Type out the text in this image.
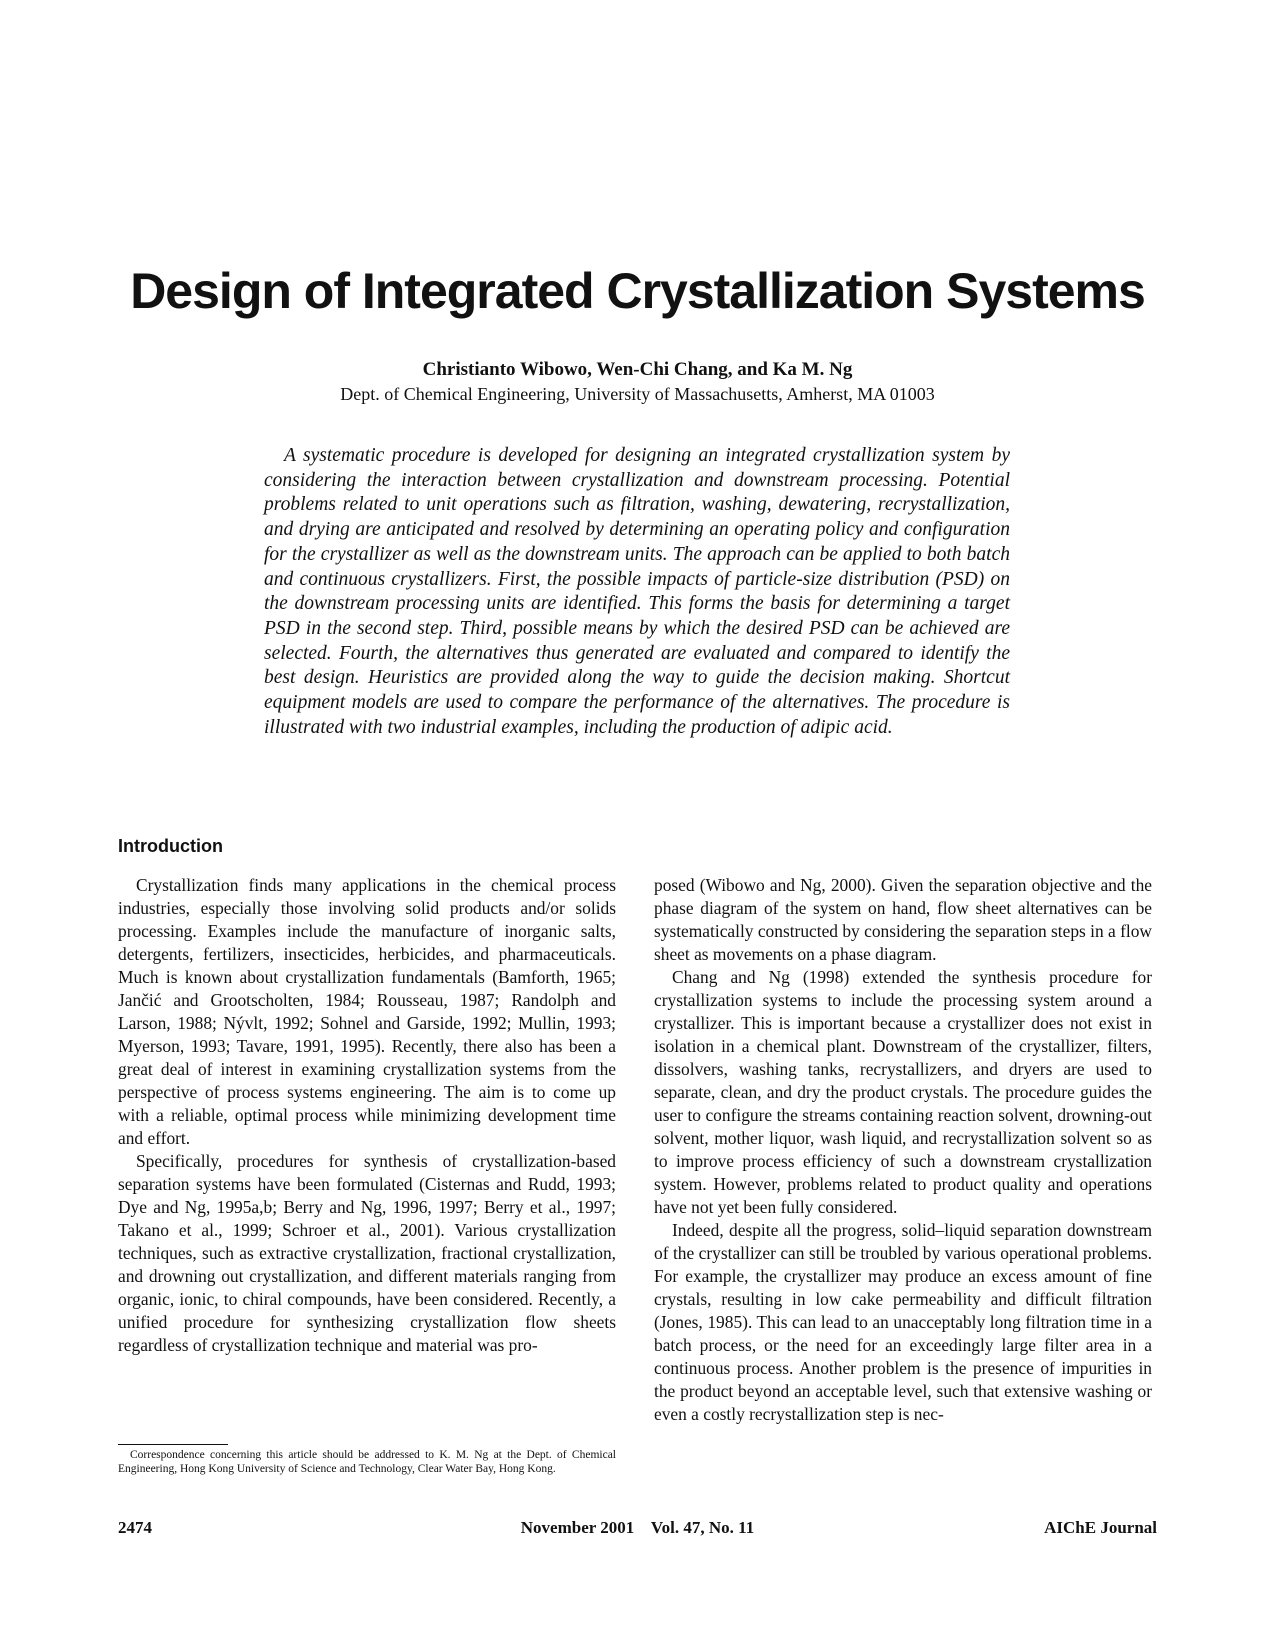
Design of Integrated Crystallization Systems
Christianto Wibowo, Wen-Chi Chang, and Ka M. Ng
Dept. of Chemical Engineering, University of Massachusetts, Amherst, MA 01003

A systematic procedure is developed for designing an integrated crystallization system by considering the interaction between crystallization and downstream processing. Potential problems related to unit operations such as filtration, washing, dewatering, recrystallization, and drying are anticipated and resolved by determining an operating policy and configuration for the crystallizer as well as the downstream units. The approach can be applied to both batch and continuous crystallizers. First, the possible impacts of particle-size distribution (PSD) on the downstream processing units are identified. This forms the basis for determining a target PSD in the second step. Third, possible means by which the desired PSD can be achieved are selected. Fourth, the alternatives thus generated are evaluated and compared to identify the best design. Heuristics are provided along the way to guide the decision making. Shortcut equipment models are used to compare the performance of the alternatives. The procedure is illustrated with two industrial examples, including the production of adipic acid.

Introduction

Crystallization finds many applications in the chemical process industries, especially those involving solid products and/or solids processing. Examples include the manufacture of inorganic salts, detergents, fertilizers, insecticides, herbicides, and pharmaceuticals. Much is known about crystallization fundamentals (Bamforth, 1965; Jančić and Grootscholten, 1984; Rousseau, 1987; Randolph and Larson, 1988; Nývlt, 1992; Sohnel and Garside, 1992; Mullin, 1993; Myerson, 1993; Tavare, 1991, 1995). Recently, there also has been a great deal of interest in examining crystallization systems from the perspective of process systems engineering. The aim is to come up with a reliable, optimal process while minimizing development time and effort.

Specifically, procedures for synthesis of crystallization-based separation systems have been formulated (Cisternas and Rudd, 1993; Dye and Ng, 1995a,b; Berry and Ng, 1996, 1997; Berry et al., 1997; Takano et al., 1999; Schroer et al., 2001). Various crystallization techniques, such as extractive crystallization, fractional crystallization, and drowning out crystallization, and different materials ranging from organic, ionic, to chiral compounds, have been considered. Recently, a unified procedure for synthesizing crystallization flow sheets regardless of crystallization technique and material was pro-

posed (Wibowo and Ng, 2000). Given the separation objective and the phase diagram of the system on hand, flow sheet alternatives can be systematically constructed by considering the separation steps in a flow sheet as movements on a phase diagram.

Chang and Ng (1998) extended the synthesis procedure for crystallization systems to include the processing system around a crystallizer. This is important because a crystallizer does not exist in isolation in a chemical plant. Downstream of the crystallizer, filters, dissolvers, washing tanks, recrystallizers, and dryers are used to separate, clean, and dry the product crystals. The procedure guides the user to configure the streams containing reaction solvent, drowning-out solvent, mother liquor, wash liquid, and recrystallization solvent so as to improve process efficiency of such a downstream crystallization system. However, problems related to product quality and operations have not yet been fully considered.

Indeed, despite all the progress, solid–liquid separation downstream of the crystallizer can still be troubled by various operational problems. For example, the crystallizer may produce an excess amount of fine crystals, resulting in low cake permeability and difficult filtration (Jones, 1985). This can lead to an unacceptably long filtration time in a batch process, or the need for an exceedingly large filter area in a continuous process. Another problem is the presence of impurities in the product beyond an acceptable level, such that extensive washing or even a costly recrystallization step is nec-

Correspondence concerning this article should be addressed to K. M. Ng at the Dept. of Chemical Engineering, Hong Kong University of Science and Technology, Clear Water Bay, Hong Kong.

2474	November 2001    Vol. 47, No. 11	AIChE Journal
